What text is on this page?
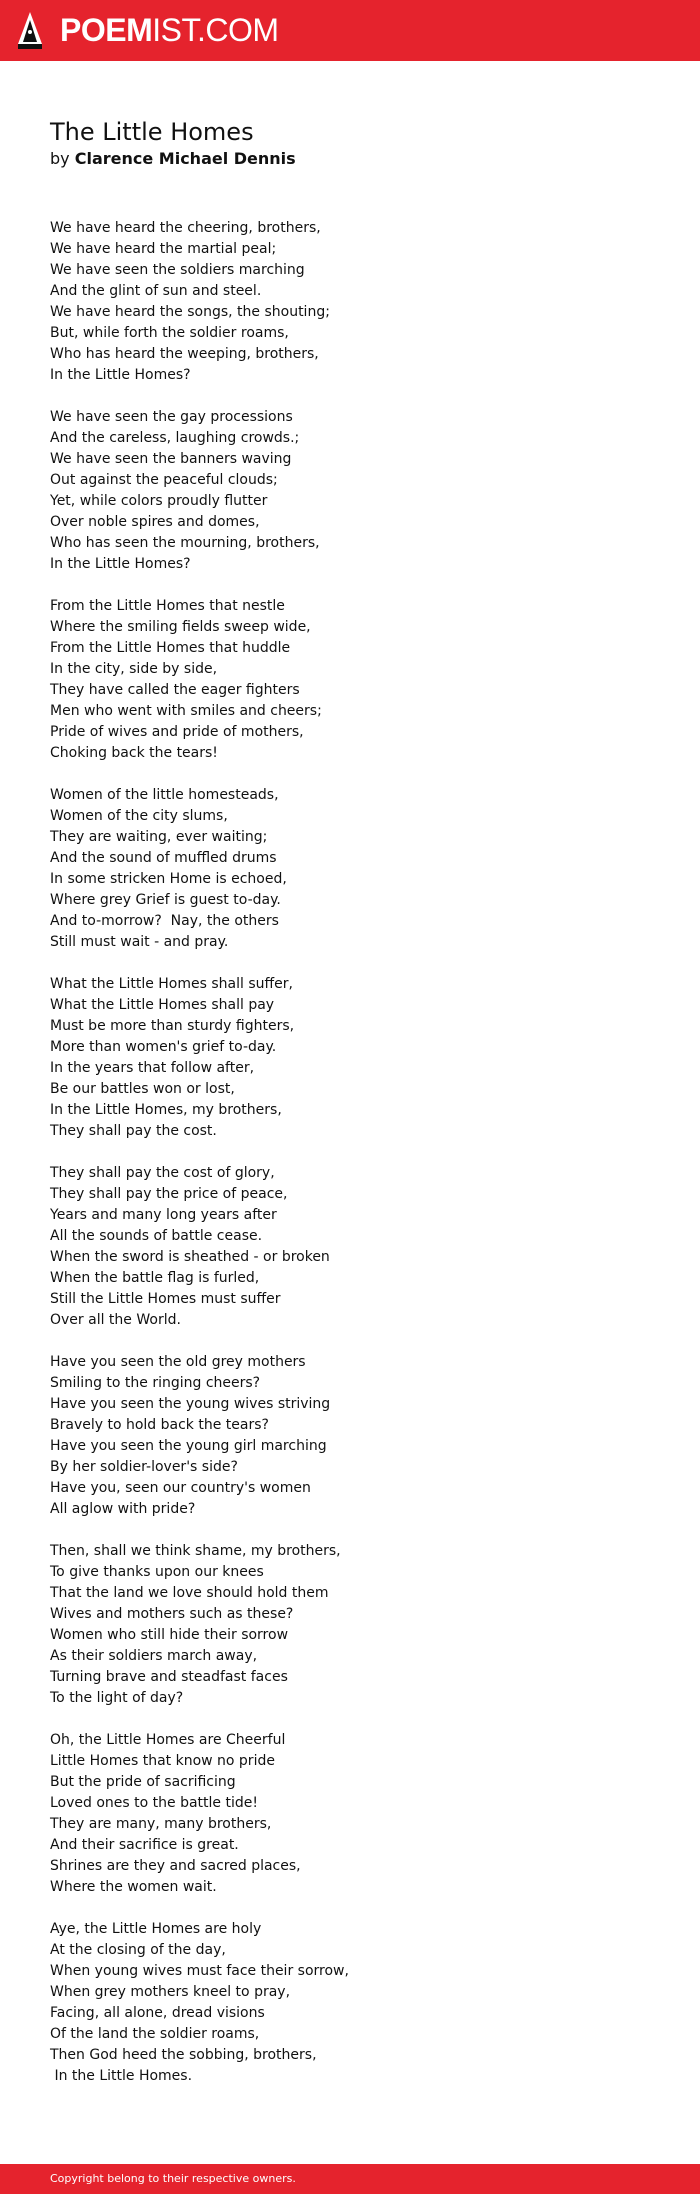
POEMIST.COM
The Little Homes
by Clarence Michael Dennis
We have heard the cheering, brothers,
We have heard the martial peal;
We have seen the soldiers marching
And the glint of sun and steel.
We have heard the songs, the shouting;
But, while forth the soldier roams,
Who has heard the weeping, brothers,
In the Little Homes?
We have seen the gay processions
And the careless, laughing crowds.;
We have seen the banners waving
Out against the peaceful clouds;
Yet, while colors proudly flutter
Over noble spires and domes,
Who has seen the mourning, brothers,
In the Little Homes?
From the Little Homes that nestle
Where the smiling fields sweep wide,
From the Little Homes that huddle
In the city, side by side,
They have called the eager fighters
Men who went with smiles and cheers;
Pride of wives and pride of mothers,
Choking back the tears!
Women of the little homesteads,
Women of the city slums,
They are waiting, ever waiting;
And the sound of muffled drums
In some stricken Home is echoed,
Where grey Grief is guest to-day.
And to-morrow?  Nay, the others
Still must wait - and pray.
What the Little Homes shall suffer,
What the Little Homes shall pay
Must be more than sturdy fighters,
More than women's grief to-day.
In the years that follow after,
Be our battles won or lost,
In the Little Homes, my brothers,
They shall pay the cost.
They shall pay the cost of glory,
They shall pay the price of peace,
Years and many long years after
All the sounds of battle cease.
When the sword is sheathed - or broken
When the battle flag is furled,
Still the Little Homes must suffer
Over all the World.
Have you seen the old grey mothers
Smiling to the ringing cheers?
Have you seen the young wives striving
Bravely to hold back the tears?
Have you seen the young girl marching
By her soldier-lover's side?
Have you, seen our country's women
All aglow with pride?
Then, shall we think shame, my brothers,
To give thanks upon our knees
That the land we love should hold them
Wives and mothers such as these?
Women who still hide their sorrow
As their soldiers march away,
Turning brave and steadfast faces
To the light of day?
Oh, the Little Homes are Cheerful
Little Homes that know no pride
But the pride of sacrificing
Loved ones to the battle tide!
They are many, many brothers,
And their sacrifice is great.
Shrines are they and sacred places,
Where the women wait.
Aye, the Little Homes are holy
At the closing of the day,
When young wives must face their sorrow,
When grey mothers kneel to pray,
Facing, all alone, dread visions
Of the land the soldier roams,
Then God heed the sobbing, brothers,
In the Little Homes.
Copyright belong to their respective owners.
